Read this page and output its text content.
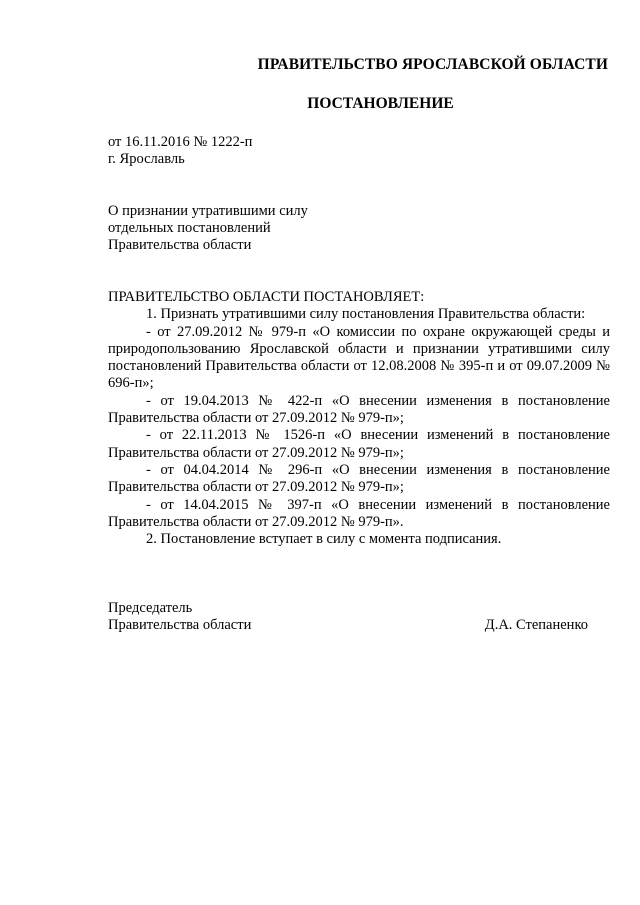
ПРАВИТЕЛЬСТВО ЯРОСЛАВСКОЙ ОБЛАСТИ
ПОСТАНОВЛЕНИЕ
от 16.11.2016 № 1222-п
г. Ярославль
О признании утратившими силу
отдельных постановлений
Правительства области

ПРАВИТЕЛЬСТВО ОБЛАСТИ ПОСТАНОВЛЯЕТ:

1. Признать утратившими силу постановления Правительства области:

- от 27.09.2012 № 979-п «О комиссии по охране окружающей среды и природопользованию Ярославской области и признании утратившими силу постановлений Правительства области от 12.08.2008 № 395-п и от 09.07.2009 № 696-п»;

- от 19.04.2013 № 422-п «О внесении изменения в постановление Правительства области от 27.09.2012 № 979-п»;

- от 22.11.2013 № 1526-п «О внесении изменений в постановление Правительства области от 27.09.2012 № 979-п»;

- от 04.04.2014 № 296-п «О внесении изменения в постановление Правительства области от 27.09.2012 № 979-п»;

- от 14.04.2015 № 397-п «О внесении изменений в постановление Правительства области от 27.09.2012 № 979-п».

2. Постановление вступает в силу с момента подписания.

Председатель
Правительства области	Д.А. Степаненко
